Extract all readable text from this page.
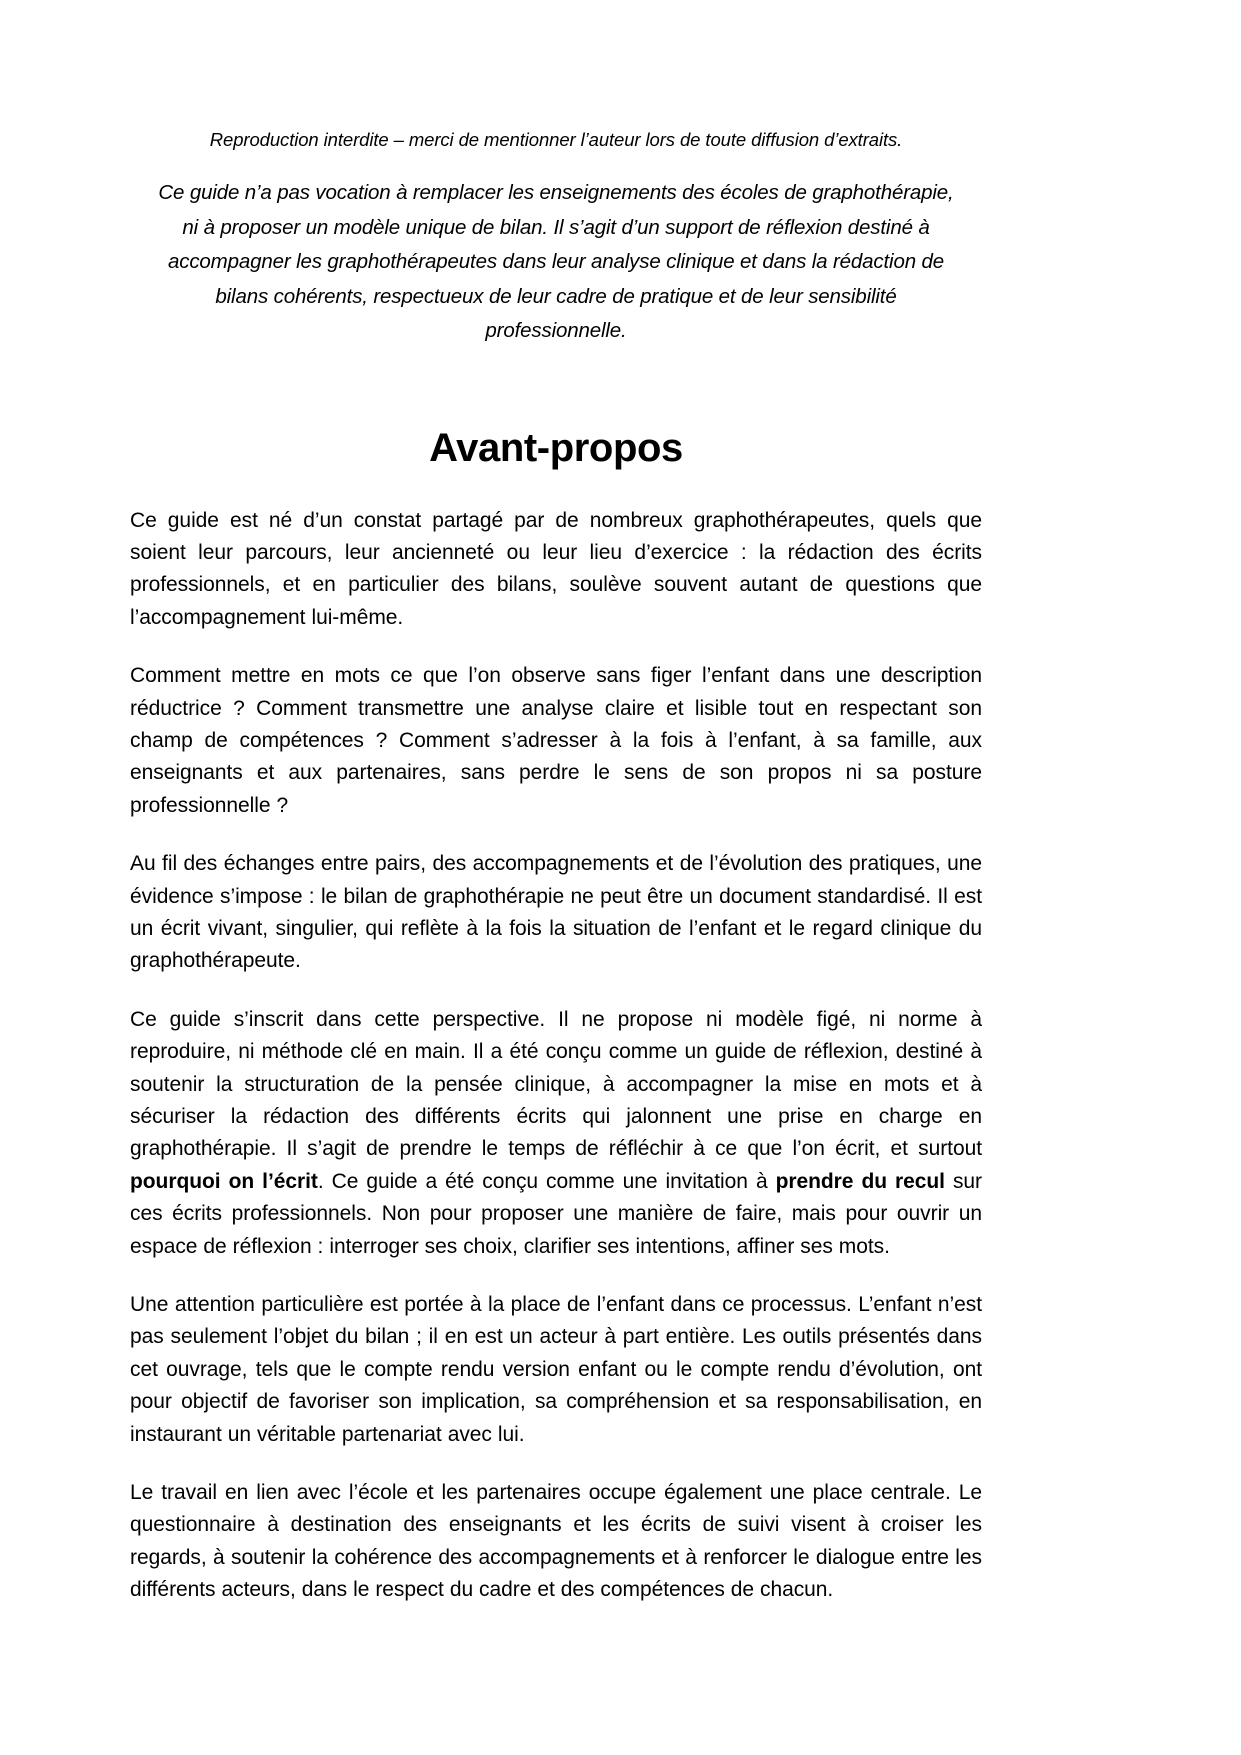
Reproduction interdite – merci de mentionner l’auteur lors de toute diffusion d’extraits.

Ce guide n’a pas vocation à remplacer les enseignements des écoles de graphothérapie, ni à proposer un modèle unique de bilan. Il s’agit d’un support de réflexion destiné à accompagner les graphothérapeutes dans leur analyse clinique et dans la rédaction de bilans cohérents, respectueux de leur cadre de pratique et de leur sensibilité professionnelle.

Avant-propos

Ce guide est né d’un constat partagé par de nombreux graphothérapeutes, quels que soient leur parcours, leur ancienneté ou leur lieu d’exercice : la rédaction des écrits professionnels, et en particulier des bilans, soulève souvent autant de questions que l’accompagnement lui-même.

Comment mettre en mots ce que l’on observe sans figer l’enfant dans une description réductrice ? Comment transmettre une analyse claire et lisible tout en respectant son champ de compétences ? Comment s’adresser à la fois à l’enfant, à sa famille, aux enseignants et aux partenaires, sans perdre le sens de son propos ni sa posture professionnelle ?

Au fil des échanges entre pairs, des accompagnements et de l’évolution des pratiques, une évidence s’impose : le bilan de graphothérapie ne peut être un document standardisé. Il est un écrit vivant, singulier, qui reflète à la fois la situation de l’enfant et le regard clinique du graphothérapeute.

Ce guide s’inscrit dans cette perspective. Il ne propose ni modèle figé, ni norme à reproduire, ni méthode clé en main. Il a été conçu comme un guide de réflexion, destiné à soutenir la structuration de la pensée clinique, à accompagner la mise en mots et à sécuriser la rédaction des différents écrits qui jalonnent une prise en charge en graphothérapie. Il s’agit de prendre le temps de réfléchir à ce que l’on écrit, et surtout pourquoi on l’écrit. Ce guide a été conçu comme une invitation à prendre du recul sur ces écrits professionnels. Non pour proposer une manière de faire, mais pour ouvrir un espace de réflexion : interroger ses choix, clarifier ses intentions, affiner ses mots.

Une attention particulière est portée à la place de l’enfant dans ce processus. L’enfant n’est pas seulement l’objet du bilan ; il en est un acteur à part entière. Les outils présentés dans cet ouvrage, tels que le compte rendu version enfant ou le compte rendu d’évolution, ont pour objectif de favoriser son implication, sa compréhension et sa responsabilisation, en instaurant un véritable partenariat avec lui.

Le travail en lien avec l’école et les partenaires occupe également une place centrale. Le questionnaire à destination des enseignants et les écrits de suivi visent à croiser les regards, à soutenir la cohérence des accompagnements et à renforcer le dialogue entre les différents acteurs, dans le respect du cadre et des compétences de chacun.
